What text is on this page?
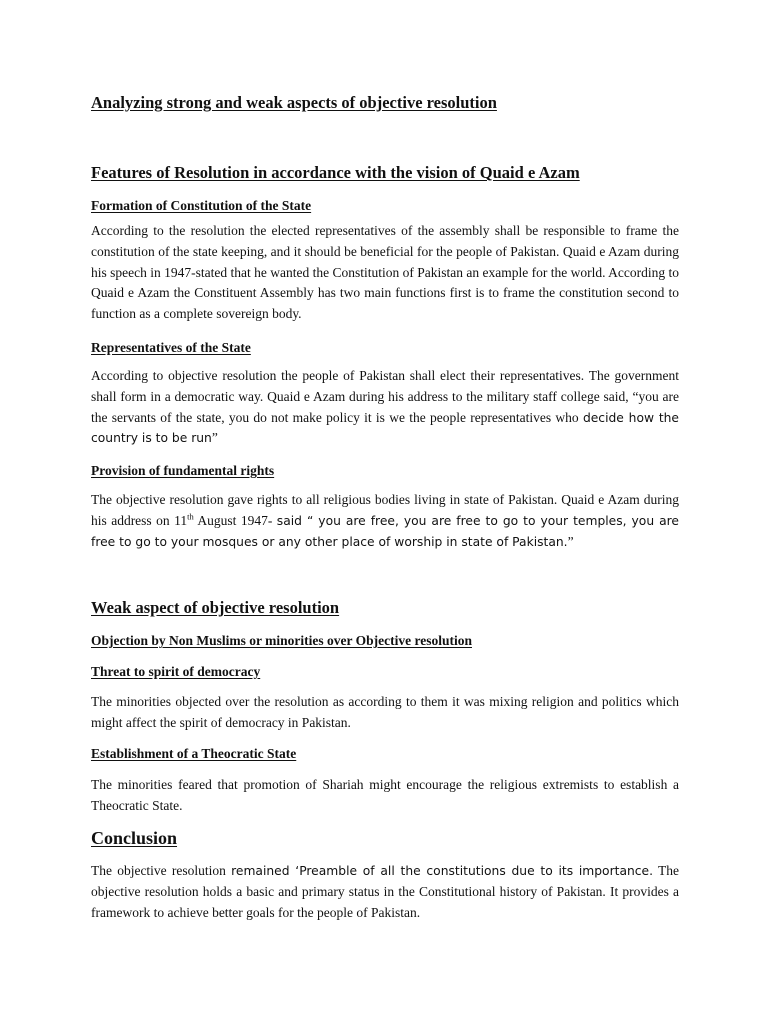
Analyzing strong and weak aspects of objective resolution
Features of Resolution in accordance with the vision of Quaid e Azam
Formation of Constitution of the State

According to the resolution the elected representatives of the assembly shall be responsible to frame the constitution of the state keeping, and it should be beneficial for the people of Pakistan. Quaid e Azam during his speech in 1947-stated that he wanted the Constitution of Pakistan an example for the world. According to Quaid e Azam the Constituent Assembly has two main functions first is to frame the constitution second to function as a complete sovereign body.

Representatives of the State

According to objective resolution the people of Pakistan shall elect their representatives. The government shall form in a democratic way. Quaid e Azam during his address to the military staff college said, “you are the servants of the state, you do not make policy it is we the people representatives who decide how the country is to be run”

Provision of fundamental rights

The objective resolution gave rights to all religious bodies living in state of Pakistan. Quaid e Azam during his address on 11th August 1947- said “ you are free, you are free to go to your temples, you are free to go to your mosques or any other place of worship in state of Pakistan.”

Weak aspect of objective resolution
Objection by Non Muslims or minorities over Objective resolution
Threat to spirit of democracy

The minorities objected over the resolution as according to them it was mixing religion and politics which might affect the spirit of democracy in Pakistan.

Establishment of a Theocratic State

The minorities feared that promotion of Shariah might encourage the religious extremists to establish a Theocratic State.

Conclusion

The objective resolution remained ‘Preamble of all the constitutions due to its importance. The objective resolution holds a basic and primary status in the Constitutional history of Pakistan. It provides a framework to achieve better goals for the people of Pakistan.
